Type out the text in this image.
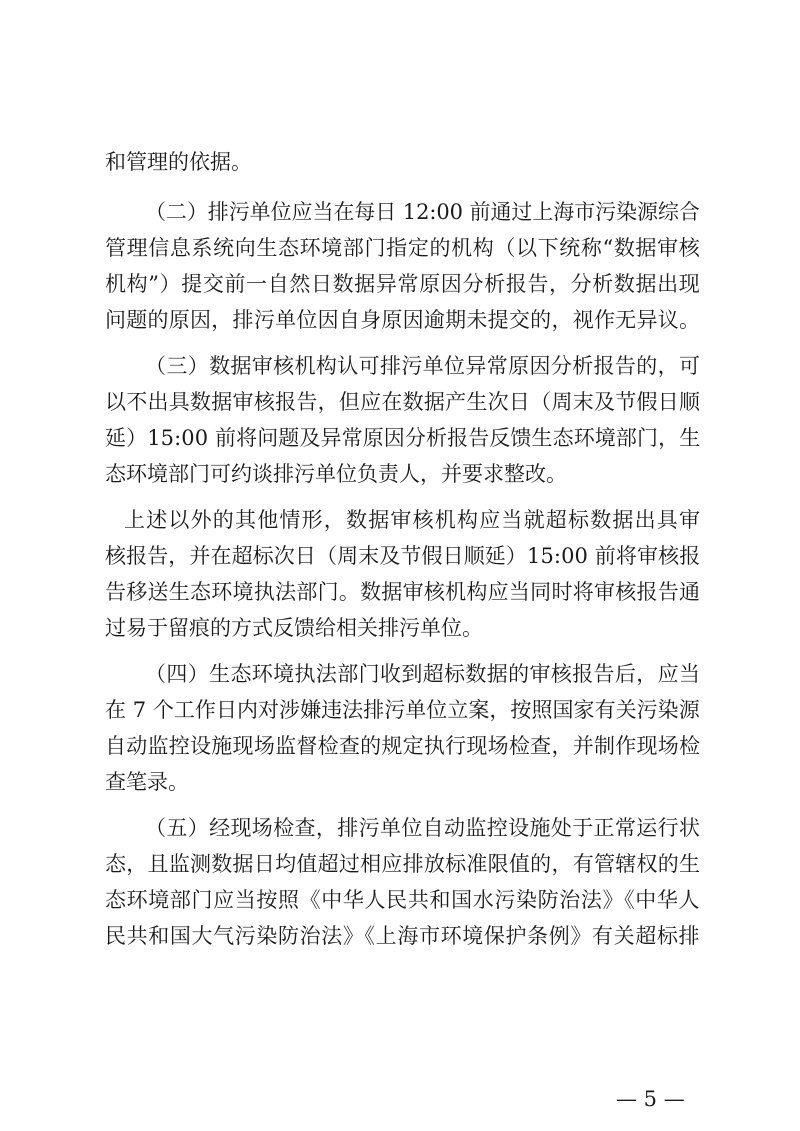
和管理的依据。
（二）排污单位应当在每日 12:00 前通过上海市污染源综合
管理信息系统向生态环境部门指定的机构（以下统称“数据审核
机构”）提交前一自然日数据异常原因分析报告，分析数据出现
问题的原因，排污单位因自身原因逾期未提交的，视作无异议。
（三）数据审核机构认可排污单位异常原因分析报告的，可
以不出具数据审核报告，但应在数据产生次日（周末及节假日顺
延）15:00 前将问题及异常原因分析报告反馈生态环境部门，生
态环境部门可约谈排污单位负责人，并要求整改。
上述以外的其他情形，数据审核机构应当就超标数据出具审
核报告，并在超标次日（周末及节假日顺延）15:00 前将审核报
告移送生态环境执法部门。数据审核机构应当同时将审核报告通
过易于留痕的方式反馈给相关排污单位。
（四）生态环境执法部门收到超标数据的审核报告后，应当
在 7 个工作日内对涉嫌违法排污单位立案，按照国家有关污染源
自动监控设施现场监督检查的规定执行现场检查，并制作现场检
查笔录。
（五）经现场检查，排污单位自动监控设施处于正常运行状
态，且监测数据日均值超过相应排放标准限值的，有管辖权的生
态环境部门应当按照《中华人民共和国水污染防治法》《中华人
民共和国大气污染防治法》《上海市环境保护条例》有关超标排
— 5 —
